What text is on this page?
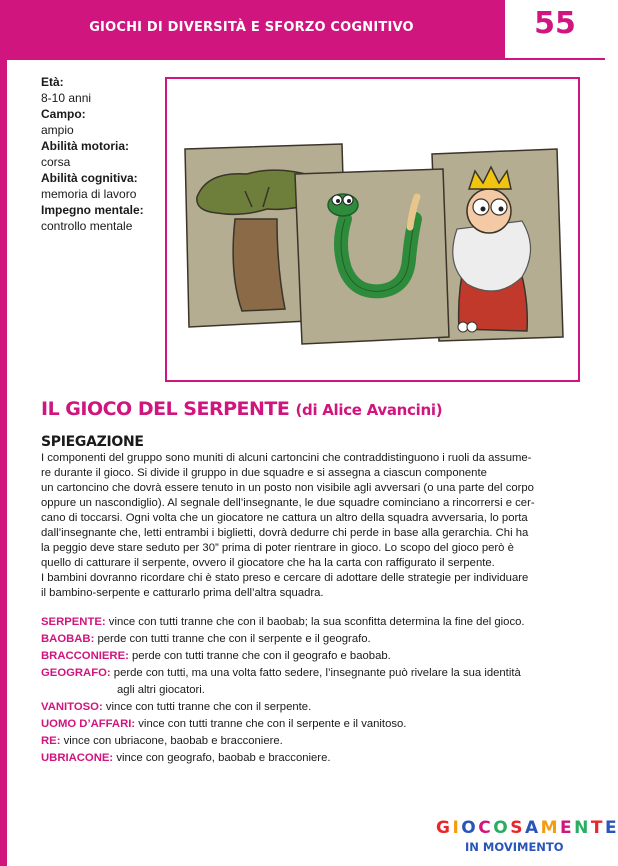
GIOCHI DI DIVERSITÀ E SFORZO COGNITIVO	55
Età:
8-10 anni
Campo:
ampio
Abilità motoria:
corsa
Abilità cognitiva:
memoria di lavoro
Impegno mentale:
controllo mentale
IL GIOCO DEL SERPENTE (di Alice Avancini)
SPIEGAZIONE
I componenti del gruppo sono muniti di alcuni cartoncini che contraddistinguono i ruoli da assume-
re durante il gioco. Si divide il gruppo in due squadre e si assegna a ciascun componente
un cartoncino che dovrà essere tenuto in un posto non visibile agli avversari (o una parte del corpo
oppure un nascondiglio). Al segnale dell’insegnante, le due squadre cominciano a rincorrersi e cer-
cano di toccarsi. Ogni volta che un giocatore ne cattura un altro della squadra avversaria, lo porta
dall’insegnante che, letti entrambi i biglietti, dovrà dedurre chi perde in base alla gerarchia. Chi ha
la peggio deve stare seduto per 30” prima di poter rientrare in gioco. Lo scopo del gioco però è
quello di catturare il serpente, ovvero il giocatore che ha la carta con raffigurato il serpente.
I bambini dovranno ricordare chi è stato preso e cercare di adottare delle strategie per individuare
il bambino-serpente e catturarlo prima dell’altra squadra.
SERPENTE: vince con tutti tranne che con il baobab; la sua sconfitta determina la fine del gioco.
BAOBAB: perde con tutti tranne che con il serpente e il geografo.
BRACCONIERE: perde con tutti tranne che con il geografo e baobab.
GEOGRAFO: perde con tutti, ma una volta fatto sedere, l’insegnante può rivelare la sua identità
agli altri giocatori.
VANITOSO: vince con tutti tranne che con il serpente.
UOMO D’AFFARI: vince con tutti tranne che con il serpente e il vanitoso.
RE: vince con ubriacone, baobab e bracconiere.
UBRIACONE: vince con geografo, baobab e bracconiere.
G I O C O S A M E N T E
IN MOVIMENTO
